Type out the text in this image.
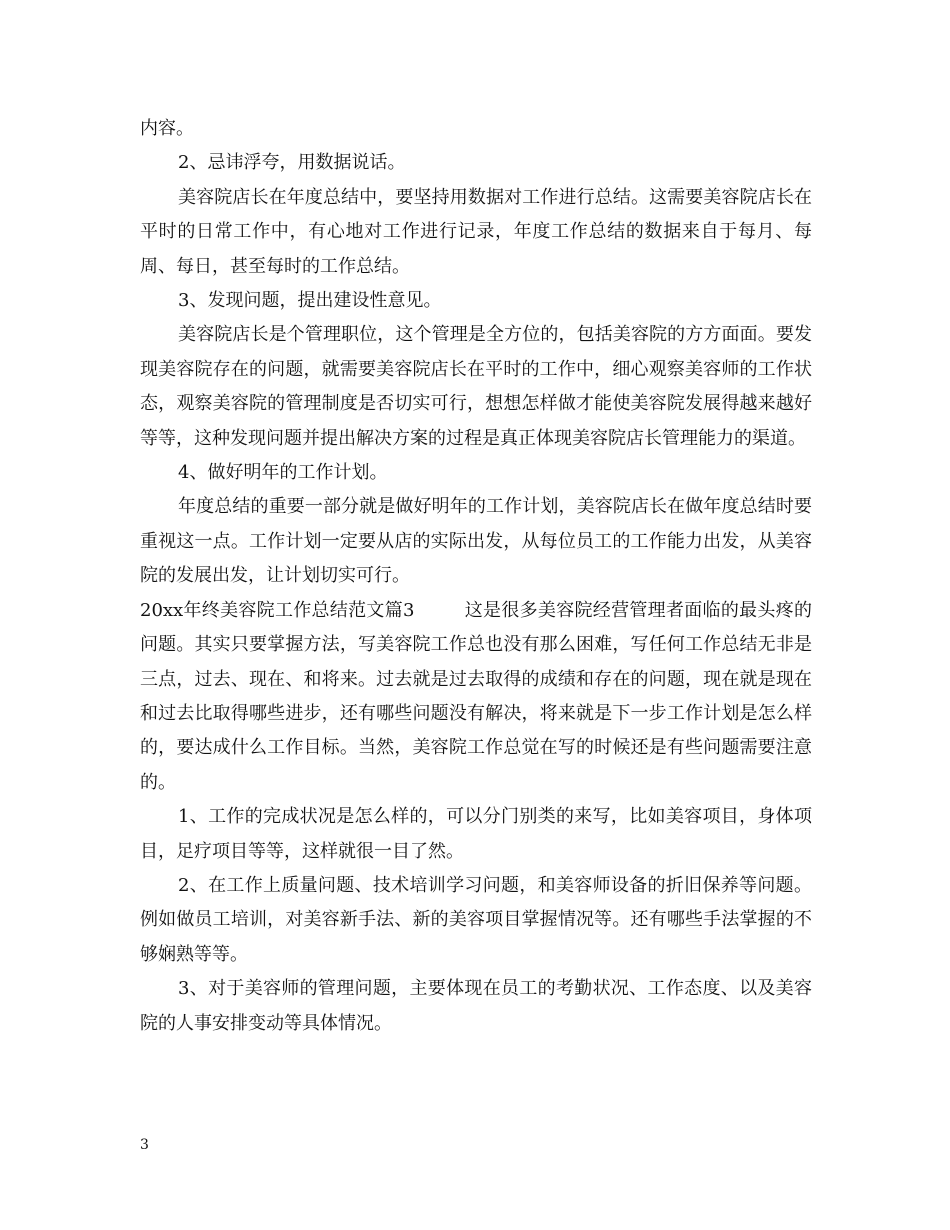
内容。

2、忌讳浮夸，用数据说话。

美容院店长在年度总结中，要坚持用数据对工作进行总结。这需要美容院店长在平时的日常工作中，有心地对工作进行记录，年度工作总结的数据来自于每月、每周、每日，甚至每时的工作总结。

3、发现问题，提出建设性意见。

美容院店长是个管理职位，这个管理是全方位的，包括美容院的方方面面。要发现美容院存在的问题，就需要美容院店长在平时的工作中，细心观察美容师的工作状态，观察美容院的管理制度是否切实可行，想想怎样做才能使美容院发展得越来越好等等，这种发现问题并提出解决方案的过程是真正体现美容院店长管理能力的渠道。

4、做好明年的工作计划。

年度总结的重要一部分就是做好明年的工作计划，美容院店长在做年度总结时要重视这一点。工作计划一定要从店的实际出发，从每位员工的工作能力出发，从美容院的发展出发，让计划切实可行。

20xx年终美容院工作总结范文篇3	这是很多美容院经营管理者面临的最头疼的问题。其实只要掌握方法，写美容院工作总也没有那么困难，写任何工作总结无非是三点，过去、现在、和将来。过去就是过去取得的成绩和存在的问题，现在就是现在和过去比取得哪些进步，还有哪些问题没有解决，将来就是下一步工作计划是怎么样的，要达成什么工作目标。当然，美容院工作总觉在写的时候还是有些问题需要注意的。

1、工作的完成状况是怎么样的，可以分门别类的来写，比如美容项目，身体项目，足疗项目等等，这样就很一目了然。

2、在工作上质量问题、技术培训学习问题，和美容师设备的折旧保养等问题。例如做员工培训，对美容新手法、新的美容项目掌握情况等。还有哪些手法掌握的不够娴熟等等。

3、对于美容师的管理问题，主要体现在员工的考勤状况、工作态度、以及美容院的人事安排变动等具体情况。

3
